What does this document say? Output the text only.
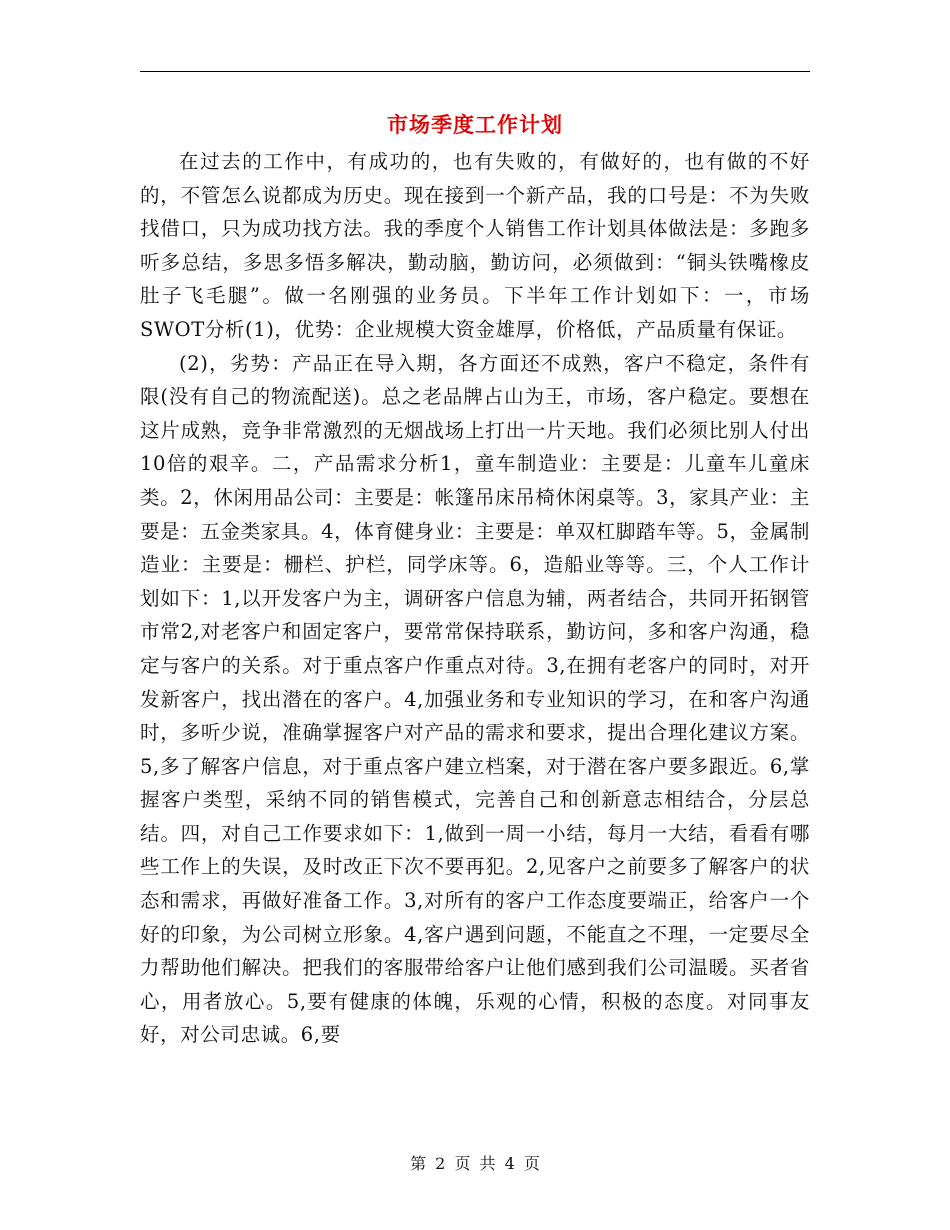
市场季度工作计划

在过去的工作中，有成功的，也有失败的，有做好的，也有做的不好的，不管怎么说都成为历史。现在接到一个新产品，我的口号是：不为失败找借口，只为成功找方法。我的季度个人销售工作计划具体做法是：多跑多听多总结，多思多悟多解决，勤动脑，勤访问，必须做到：“铜头铁嘴橡皮肚子飞毛腿”。做一名刚强的业务员。下半年工作计划如下：一，市场SWOT分析(1)，优势：企业规模大资金雄厚，价格低，产品质量有保证。

(2)，劣势：产品正在导入期，各方面还不成熟，客户不稳定，条件有限(没有自己的物流配送)。总之老品牌占山为王，市场，客户稳定。要想在这片成熟，竞争非常激烈的无烟战场上打出一片天地。我们必须比别人付出10倍的艰辛。二，产品需求分析1，童车制造业：主要是：儿童车儿童床类。2，休闲用品公司：主要是：帐篷吊床吊椅休闲桌等。3，家具产业：主要是：五金类家具。4，体育健身业：主要是：单双杠脚踏车等。5，金属制造业：主要是：栅栏、护栏，同学床等。6，造船业等等。三，个人工作计划如下：1,以开发客户为主，调研客户信息为辅，两者结合，共同开拓钢管市常2,对老客户和固定客户，要常常保持联系，勤访问，多和客户沟通，稳定与客户的关系。对于重点客户作重点对待。3,在拥有老客户的同时，对开发新客户，找出潜在的客户。4,加强业务和专业知识的学习，在和客户沟通时，多听少说，准确掌握客户对产品的需求和要求，提出合理化建议方案。5,多了解客户信息，对于重点客户建立档案，对于潜在客户要多跟近。6,掌握客户类型，采纳不同的销售模式，完善自己和创新意志相结合，分层总结。四，对自己工作要求如下：1,做到一周一小结，每月一大结，看看有哪些工作上的失误，及时改正下次不要再犯。2,见客户之前要多了解客户的状态和需求，再做好准备工作。3,对所有的客户工作态度要端正，给客户一个好的印象，为公司树立形象。4,客户遇到问题，不能直之不理，一定要尽全力帮助他们解决。把我们的客服带给客户让他们感到我们公司温暖。买者省心，用者放心。5,要有健康的体魄，乐观的心情，积极的态度。对同事友好，对公司忠诚。6,要

第 2 页 共 4 页
